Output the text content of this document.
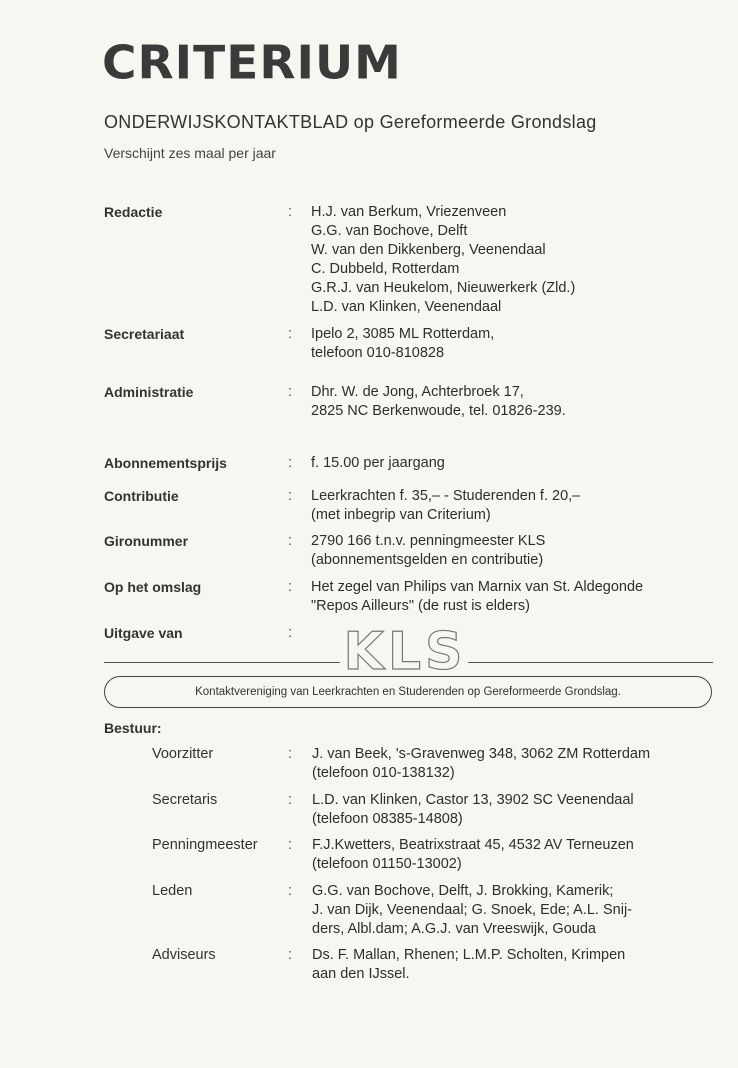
CRITERIUM
ONDERWIJSKONTAKTBLAD op Gereformeerde Grondslag
Verschijnt zes maal per jaar
Redactie	: H.J. van Berkum, Vriezenveen
G.G. van Bochove, Delft
W. van den Dikkenberg, Veenendaal
C. Dubbeld, Rotterdam
G.R.J. van Heukelom, Nieuwerkerk (Zld.)
L.D. van Klinken, Veenendaal
Secretariaat	: Ipelo 2, 3085 ML Rotterdam,
telefoon 010-810828
Administratie	: Dhr. W. de Jong, Achterbroek 17,
2825 NC Berkenwoude, tel. 01826-239.
Abonnementsprijs	: f. 15.00 per jaargang
Contributie	: Leerkrachten f. 35,– - Studerenden f. 20,–
(met inbegrip van Criterium)
Gironummer	: 2790 166 t.n.v. penningmeester KLS
(abonnementsgelden en contributie)
Op het omslag	: Het zegel van Philips van Marnix van St. Aldegonde
"Repos Ailleurs" (de rust is elders)
Uitgave van	: KLS
Kontaktvereniging van Leerkrachten en Studerenden op Gereformeerde Grondslag.
Bestuur:
Voorzitter	: J. van Beek, 's-Gravenweg 348, 3062 ZM Rotterdam
(telefoon 010-138132)
Secretaris	: L.D. van Klinken, Castor 13, 3902 SC Veenendaal
(telefoon 08385-14808)
Penningmeester : F.J.Kwetters, Beatrixstraat 45, 4532 AV Terneuzen
(telefoon 01150-13002)
Leden	: G.G. van Bochove, Delft, J. Brokking, Kamerik;
J. van Dijk, Veenendaal; G. Snoek, Ede; A.L. Snij-
ders, Albl.dam; A.G.J. van Vreeswijk, Gouda
Adviseurs	: Ds. F. Mallan, Rhenen; L.M.P. Scholten, Krimpen
aan den IJssel.
